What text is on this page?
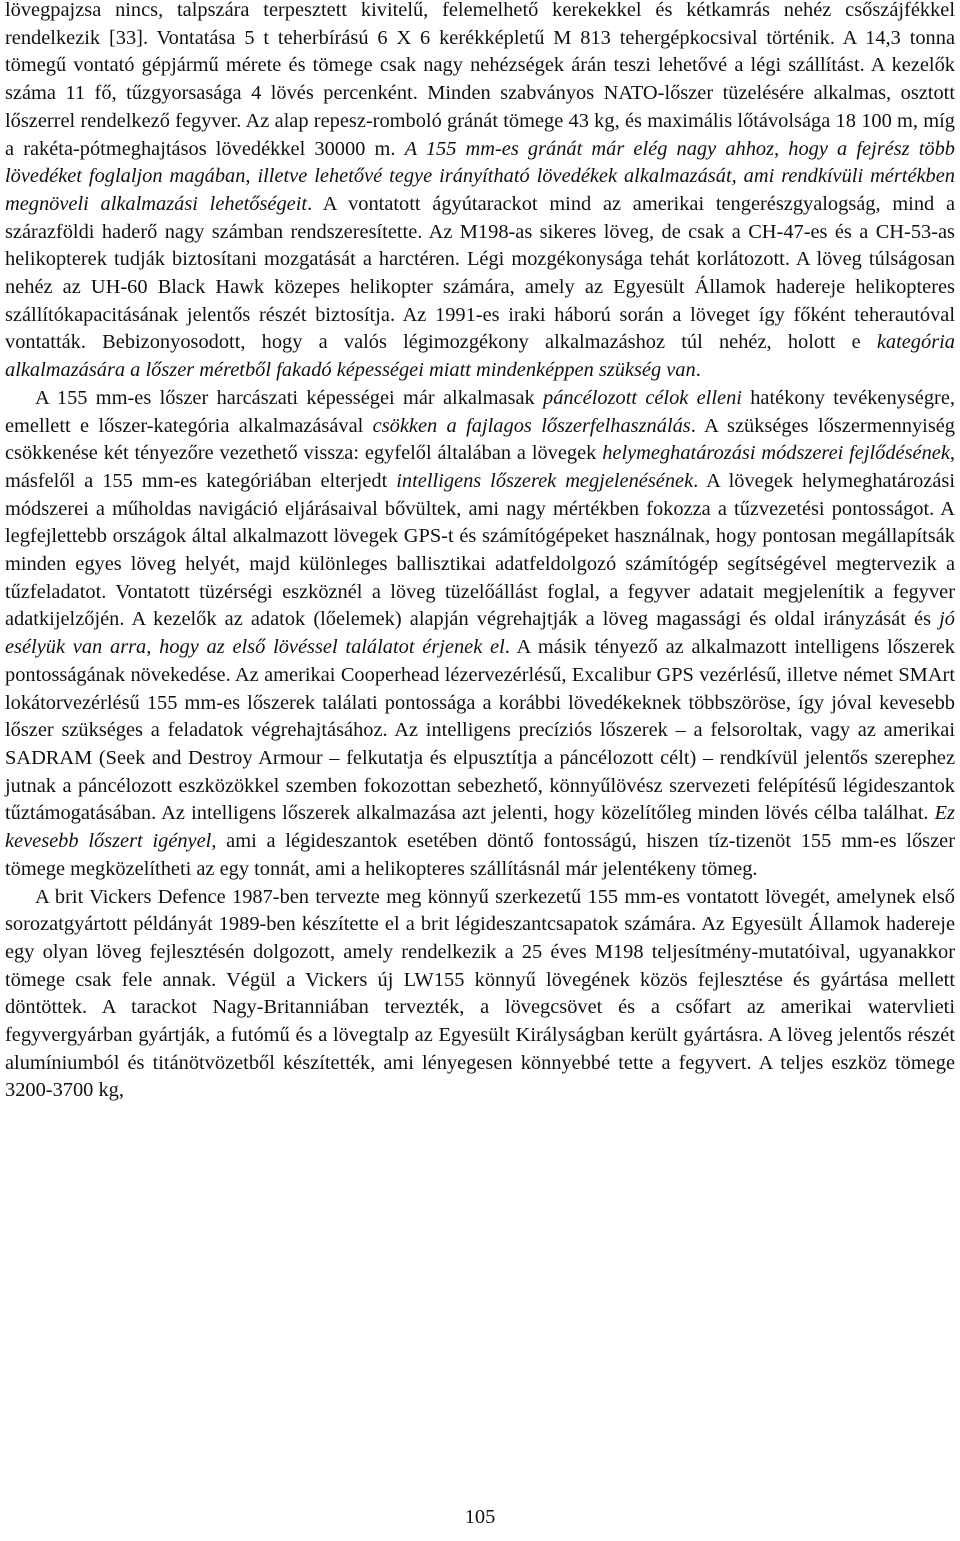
lövegpajzsa nincs, talpszára terpesztett kivitelű, felemelhető kerekekkel és kétkamrás nehéz csőszájfékkel rendelkezik [33]. Vontatása 5 t teherbírású 6 X 6 kerékképletű M 813 tehergépkocsival történik. A 14,3 tonna tömegű vontató gépjármű mérete és tömege csak nagy nehézségek árán teszi lehetővé a légi szállítást. A kezelők száma 11 fő, tűzgyorsasága 4 lövés percenként. Minden szabványos NATO-lőszer tüzelésére alkalmas, osztott lőszerrel rendelkező fegyver. Az alap repesz-romboló gránát tömege 43 kg, és maximális lőtávolsága 18 100 m, míg a rakéta-pótmeghajtásos lövedékkel 30000 m. A 155 mm-es gránát már elég nagy ahhoz, hogy a fejrész több lövedéket foglaljon magában, illetve lehetővé tegye irányítható lövedékek alkalmazását, ami rendkívüli mértékben megnöveli alkalmazási lehetőségeit. A vontatott ágyútarackot mind az amerikai tengerészgyalogság, mind a szárazföldi haderő nagy számban rendszeresítette. Az M198-as sikeres löveg, de csak a CH-47-es és a CH-53-as helikopterek tudják biztosítani mozgatását a harctéren. Légi mozgékonysága tehát korlátozott. A löveg túlságosan nehéz az UH-60 Black Hawk közepes helikopter számára, amely az Egyesült Államok hadereje helikopteres szállítókapacitásának jelentős részét biztosítja. Az 1991-es iraki háború során a löveget így főként teherautóval vontatták. Bebizonyosodott, hogy a valós légimozgékony alkalmazáshoz túl nehéz, holott e kategória alkalmazására a lőszer méretből fakadó képességei miatt mindenképpen szükség van.

A 155 mm-es lőszer harcászati képességei már alkalmasak páncélozott célok elleni hatékony tevékenységre, emellett e lőszer-kategória alkalmazásával csökken a fajlagos lőszerfelhasználás. A szükséges lőszermennyiség csökkenése két tényezőre vezethető vissza: egyfelől általában a lövegek helymeghatározási módszerei fejlődésének, másfelől a 155 mm-es kategóriában elterjedt intelligens lőszerek megjelenésének. A lövegek helymeghatározási módszerei a műholdas navigáció eljárásaival bővültek, ami nagy mértékben fokozza a tűzvezetési pontosságot. A legfejlettebb országok által alkalmazott lövegek GPS-t és számítógépeket használnak, hogy pontosan megállapítsák minden egyes löveg helyét, majd különleges ballisztikai adatfeldolgozó számítógép segítségével megtervezik a tűzfeladatot. Vontatott tüzérségi eszköznél a löveg tüzelőállást foglal, a fegyver adatait megjelenítik a fegyver adatkijelzőjén. A kezelők az adatok (lőelemek) alapján végrehajtják a löveg magassági és oldal irányzását és jó esélyük van arra, hogy az első lövéssel találatot érjenek el. A másik tényező az alkalmazott intelligens lőszerek pontosságának növekedése. Az amerikai Cooperhead lézervezérlésű, Excalibur GPS vezérlésű, illetve német SMArt lokátorvezérlésű 155 mm-es lőszerek találati pontossága a korábbi lövedékeknek többszöröse, így jóval kevesebb lőszer szükséges a feladatok végrehajtásához. Az intelligens precíziós lőszerek – a felsoroltak, vagy az amerikai SADRAM (Seek and Destroy Armour – felkutatja és elpusztítja a páncélozott célt) – rendkívül jelentős szerephez jutnak a páncélozott eszközökkel szemben fokozottan sebezhető, könnyűlövész szervezeti felépítésű légideszantok tűztámogatásában. Az intelligens lőszerek alkalmazása azt jelenti, hogy közelítőleg minden lövés célba találhat. Ez kevesebb lőszert igényel, ami a légideszantok esetében döntő fontosságú, hiszen tíz-tizenöt 155 mm-es lőszer tömege megközelítheti az egy tonnát, ami a helikopteres szállításnál már jelentékeny tömeg.

A brit Vickers Defence 1987-ben tervezte meg könnyű szerkezetű 155 mm-es vontatott lövegét, amelynek első sorozatgyártott példányát 1989-ben készítette el a brit légideszantcsapatok számára. Az Egyesült Államok hadereje egy olyan löveg fejlesztésén dolgozott, amely rendelkezik a 25 éves M198 teljesítmény-mutatóival, ugyanakkor tömege csak fele annak. Végül a Vickers új LW155 könnyű lövegének közös fejlesztése és gyártása mellett döntöttek. A tarackot Nagy-Britanniában tervezték, a lövegcsövet és a csőfart az amerikai watervlieti fegyvergyárban gyártják, a futómű és a lövegtalp az Egyesült Királyságban került gyártásra. A löveg jelentős részét alumíniumból és titánötvözetből készítették, ami lényegesen könnyebbé tette a fegyvert. A teljes eszköz tömege 3200-3700 kg,

105
